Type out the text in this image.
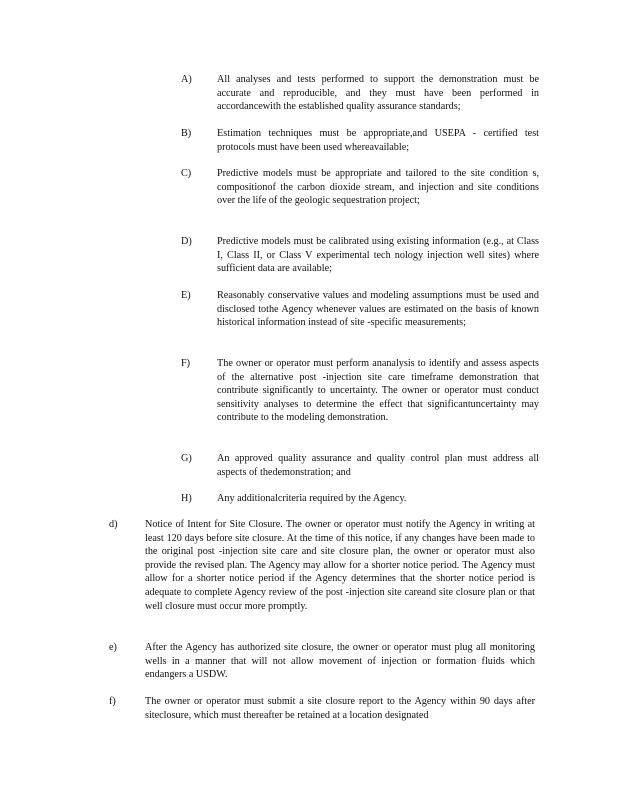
A) All analyses and tests performed to support the demonstration must be accurate and reproducible, and they must have been performed in accordancewith the established quality assurance standards;
B)	Estimation techniques must be appropriate,and USEPA - certified test protocols must have been used whereavailable;
C)	Predictive models must be appropriate and tailored to the site condition s, compositionof the carbon dioxide stream, and injection and site conditions over the life of the geologic sequestration project;
D) Predictive models must be calibrated using existing information (e.g., at Class I, Class II, or Class V experimental tech nology injection well sites) where sufficient data are available;
E)	Reasonably conservative values and modeling assumptions must be used and disclosed tothe Agency whenever values are estimated on the basis of known historical information instead of site -specific measurements;
F)	The owner or operator must perform ananalysis to identify and assess aspects of the alternative post -injection site care timeframe demonstration that contribute significantly to uncertainty. The owner or operator must conduct sensitivity analyses to determine the effect that significantuncertainty may contribute to the modeling demonstration.
G) An approved quality assurance and quality control plan must address all aspects of thedemonstration; and
H) Any additionalcriteria required by the Agency.
d)	Notice of Intent for Site Closure. The owner or operator must notify the Agency in writing at least 120 days before site closure. At the time of this notice, if any changes have been made to the original post -injection site care and site closure plan, the owner or operator must also provide the revised plan. The Agency may allow for a shorter notice period. The Agency must allow for a shorter notice period if the Agency determines that the shorter notice period is adequate to complete Agency review of the post -injection site careand site closure plan or that well closure must occur more promptly.
e)	After the Agency has authorized site closure, the owner or operator must plug all monitoring wells in a manner that will not allow movement of injection or formation fluids which endangers a USDW.
f)	The owner or operator must submit a site closure report to the Agency within 90 days after siteclosure, which must thereafter be retained at a location designated
